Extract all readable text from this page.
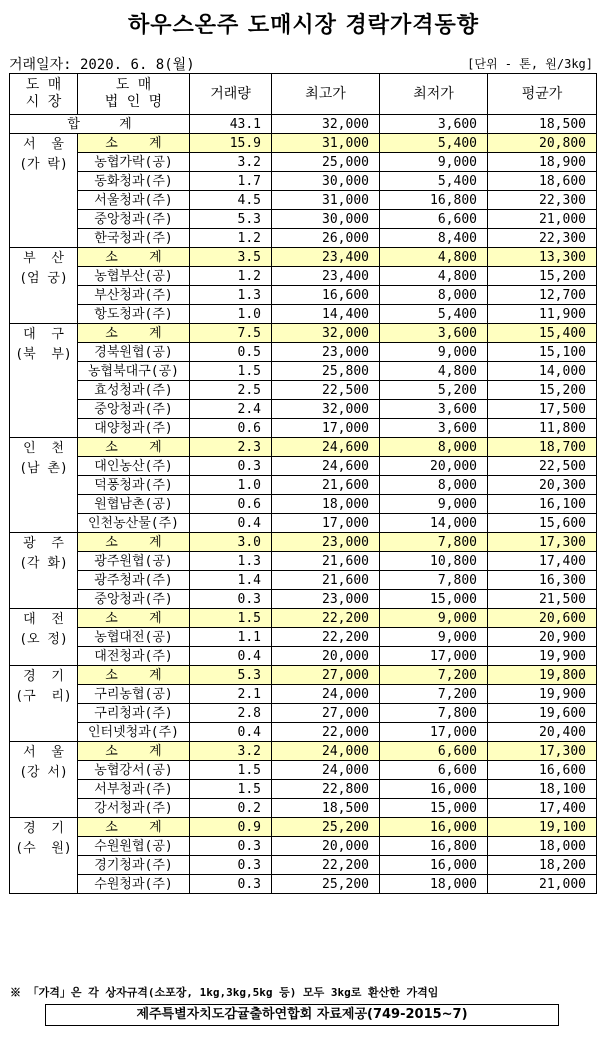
하우스온주 도매시장 경락가격동향
거래일자: 2020. 6. 8(월)	[단위 - 톤, 원/3kg]
도 매
시 장	도 매
법 인 명	거래량	최고가	최저가	평균가
합     계		43.1	32,000	3,600	18,500
서  울
(가 락)	소    계	15.9	31,000	5,400	20,800
	농협가락(공)	3.2	25,000	9,000	18,900
	동화청과(주)	1.7	30,000	5,400	18,600
	서울청과(주)	4.5	31,000	16,800	22,300
	중앙청과(주)	5.3	30,000	6,600	21,000
	한국청과(주)	1.2	26,000	8,400	22,300
부  산
(엄 궁)	소    계	3.5	23,400	4,800	13,300
	농협부산(공)	1.2	23,400	4,800	15,200
	부산청과(주)	1.3	16,600	8,000	12,700
	항도청과(주)	1.0	14,400	5,400	11,900
대  구
(북  부)	소    계	7.5	32,000	3,600	15,400
	경북원협(공)	0.5	23,000	9,000	15,100
	농협북대구(공)	1.5	25,800	4,800	14,000
	효성청과(주)	2.5	22,500	5,200	15,200
	중앙청과(주)	2.4	32,000	3,600	17,500
	대양청과(주)	0.6	17,000	3,600	11,800
인  천
(남 촌)	소    계	2.3	24,600	8,000	18,700
	대인농산(주)	0.3	24,600	20,000	22,500
	덕풍청과(주)	1.0	21,600	8,000	20,300
	원협남촌(공)	0.6	18,000	9,000	16,100
	인천농산물(주)	0.4	17,000	14,000	15,600
광  주
(각 화)	소    계	3.0	23,000	7,800	17,300
	광주원협(공)	1.3	21,600	10,800	17,400
	광주청과(주)	1.4	21,600	7,800	16,300
	중앙청과(주)	0.3	23,000	15,000	21,500
대  전
(오 정)	소    계	1.5	22,200	9,000	20,600
	농협대전(공)	1.1	22,200	9,000	20,900
	대전청과(주)	0.4	20,000	17,000	19,900
경  기
(구  리)	소    계	5.3	27,000	7,200	19,800
	구리농협(공)	2.1	24,000	7,200	19,900
	구리청과(주)	2.8	27,000	7,800	19,600
	인터넷청과(주)	0.4	22,000	17,000	20,400
서  울
(강 서)	소    계	3.2	24,000	6,600	17,300
	농협강서(공)	1.5	24,000	6,600	16,600
	서부청과(주)	1.5	22,800	16,000	18,100
	강서청과(주)	0.2	18,500	15,000	17,400
경  기
(수  원)	소    계	0.9	25,200	16,000	19,100
	수원원협(공)	0.3	20,000	16,800	18,000
	경기청과(주)	0.3	22,200	16,000	18,200
	수원청과(주)	0.3	25,200	18,000	21,000
※ 「가격」은 각 상자규격(소포장, 1kg,3kg,5kg 등) 모두 3kg로 환산한 가격임
제주특별자치도감귤출하연합회 자료제공(749-2015~7)
